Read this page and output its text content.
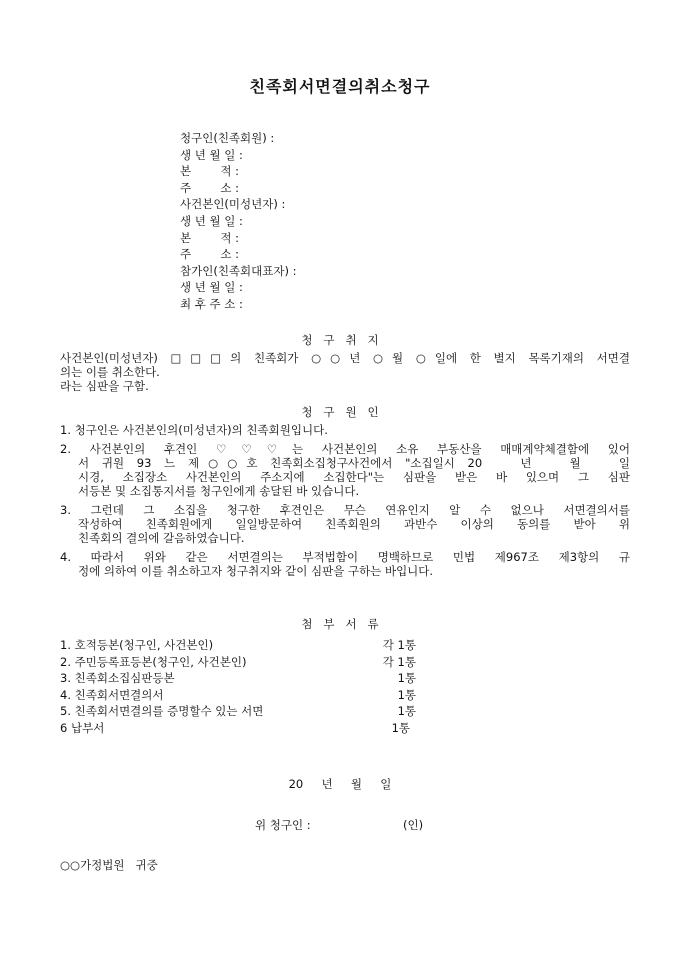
친족회서면결의취소청구
청구인(친족회원) :
생 년 월 일 :
본        적 :
주        소 :
사건본인(미성년자) :
생 년 월 일 :
본        적 :
주        소 :
참가인(친족회대표자) :
생 년 월 일 :
최 후 주 소 :
청   구   취   지

사건본인(미성년자) □□□의 친족회가 ○○년 ○월 ○일에 한 별지 목록기재의 서면결

의는 이를 취소한다.

라는 심판을 구함.

청   구   원   인
1. 청구인은 사건본인의(미성년자)의 친족회원입니다.
2. 사건본인의 후견인 ♡♡♡는 사건본인의 소유 부동산을 매매계약체결함에 있어
서 귀원 93 느 제○○호 친족회소집청구사건에서 "소집일시 20   년   월   일
시경, 소집장소 사건본인의 주소지에 소집한다"는 심판을 받은 바 있으며 그 심판
서등본 및 소집통지서를 청구인에게 송달된 바 있습니다.
3. 그런데 그 소집을 청구한 후견인은 무슨 연유인지 알 수 없으나 서면결의서를
작성하여 친족회원에게 일일방문하여 친족회원의 과반수 이상의 동의를 받아 위
친족회의 결의에 갈음하였습니다.
4. 따라서 위와 같은 서면결의는 부적법함이 명백하므로 민법 제967조 제3항의 규
정에 의하여 이를 취소하고자 청구취지와 같이 심판을 구하는 바입니다.
첨   부   서   류
1. 호적등본(청구인, 사건본인)	각 1통
2. 주민등록표등본(청구인, 사건본인)	각 1통
3. 친족회소집심판등본	1통
4. 친족회서면결의서	1통
5. 친족회서면결의를 증명할수 있는 서면	1통
6 납부서	1통
20     년     월     일
위 청구인 :	(인)
○○가정법원   귀중
